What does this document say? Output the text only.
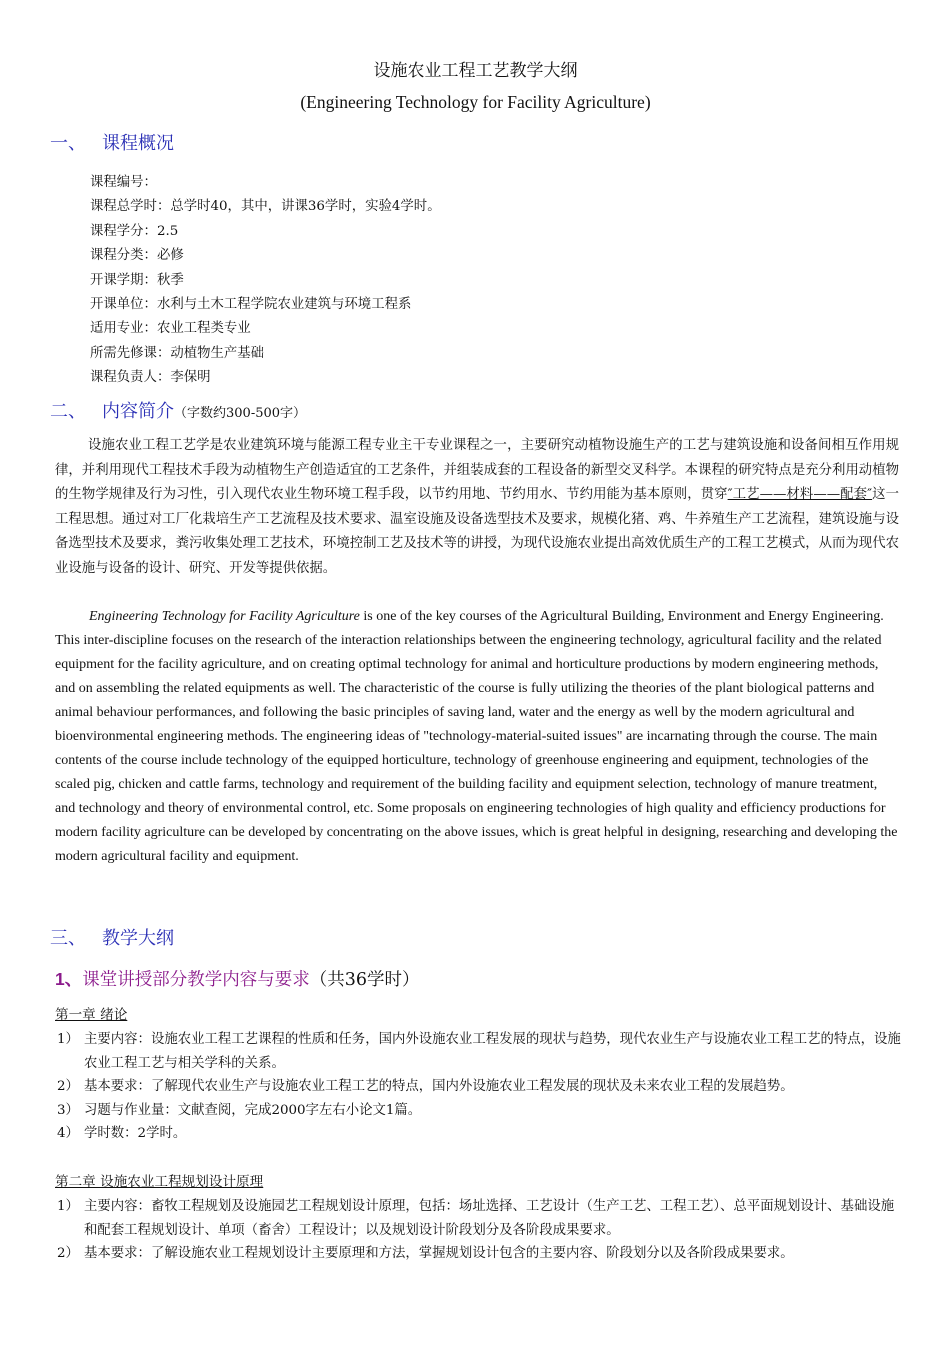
设施农业工程工艺教学大纲
(Engineering Technology for Facility Agriculture)
一、 课程概况
课程编号：
课程总学时：总学时40，其中，讲课36学时，实验4学时。
课程学分：2.5
课程分类：必修
开课学期：秋季
开课单位：水利与土木工程学院农业建筑与环境工程系
适用专业：农业工程类专业
所需先修课：动植物生产基础
课程负责人：李保明
二、 内容简介（字数约300-500字）
设施农业工程工艺学是农业建筑环境与能源工程专业主干专业课程之一，主要研究动植物设施生产的工艺与建筑设施和设备间相互作用规律，并利用现代工程技术手段为动植物生产创造适宜的工艺条件，并组装成套的工程设备的新型交叉科学。本课程的研究特点是充分利用动植物的生物学规律及行为习性，引入现代农业生物环境工程手段，以节约用地、节约用水、节约用能为基本原则，贯穿″工艺——材料——配套″这一工程思想。通过对工厂化栽培生产工艺流程及技术要求、温室设施及设备选型技术及要求，规模化猪、鸡、牛养殖生产工艺流程，建筑设施与设备选型技术及要求，粪污收集处理工艺技术，环境控制工艺及技术等的讲授，为现代设施农业提出高效优质生产的工程工艺模式，从而为现代农业设施与设备的设计、研究、开发等提供依据。
Engineering Technology for Facility Agriculture is one of the key courses of the Agricultural Building, Environment and Energy Engineering. This inter-discipline focuses on the research of the interaction relationships between the engineering technology, agricultural facility and the related equipment for the facility agriculture, and on creating optimal technology for animal and horticulture productions by modern engineering methods, and on assembling the related equipments as well. The characteristic of the course is fully utilizing the theories of the plant biological patterns and animal behaviour performances, and following the basic principles of saving land, water and the energy as well by the modern agricultural and bioenvironmental engineering methods. The engineering ideas of "technology-material-suited issues" are incarnating through the course. The main contents of the course include technology of the equipped horticulture, technology of greenhouse engineering and equipment, technologies of the scaled pig, chicken and cattle farms, technology and requirement of the building facility and equipment selection, technology of manure treatment, and technology and theory of environmental control, etc. Some proposals on engineering technologies of high quality and efficiency productions for modern facility agriculture can be developed by concentrating on the above issues, which is great helpful in designing, researching and developing the modern agricultural facility and equipment.
三、 教学大纲
1、课堂讲授部分教学内容与要求（共36学时）
第一章 绪论
1） 主要内容：设施农业工程工艺课程的性质和任务，国内外设施农业工程发展的现状与趋势，现代农业生产与设施农业工程工艺的特点，设施农业工程工艺与相关学科的关系。
2） 基本要求：了解现代农业生产与设施农业工程工艺的特点，国内外设施农业工程发展的现状及未来农业工程的发展趋势。
3） 习题与作业量：文献查阅，完成2000字左右小论文1篇。
4） 学时数：2学时。
第二章 设施农业工程规划设计原理
1） 主要内容：畜牧工程规划及设施园艺工程规划设计原理，包括：场址选择、工艺设计（生产工艺、工程工艺）、总平面规划设计、基础设施和配套工程规划设计、单项（畜舍）工程设计；以及规划设计阶段划分及各阶段成果要求。
2） 基本要求：了解设施农业工程规划设计主要原理和方法，掌握规划设计包含的主要内容、阶段划分以及各阶段成果要求。
